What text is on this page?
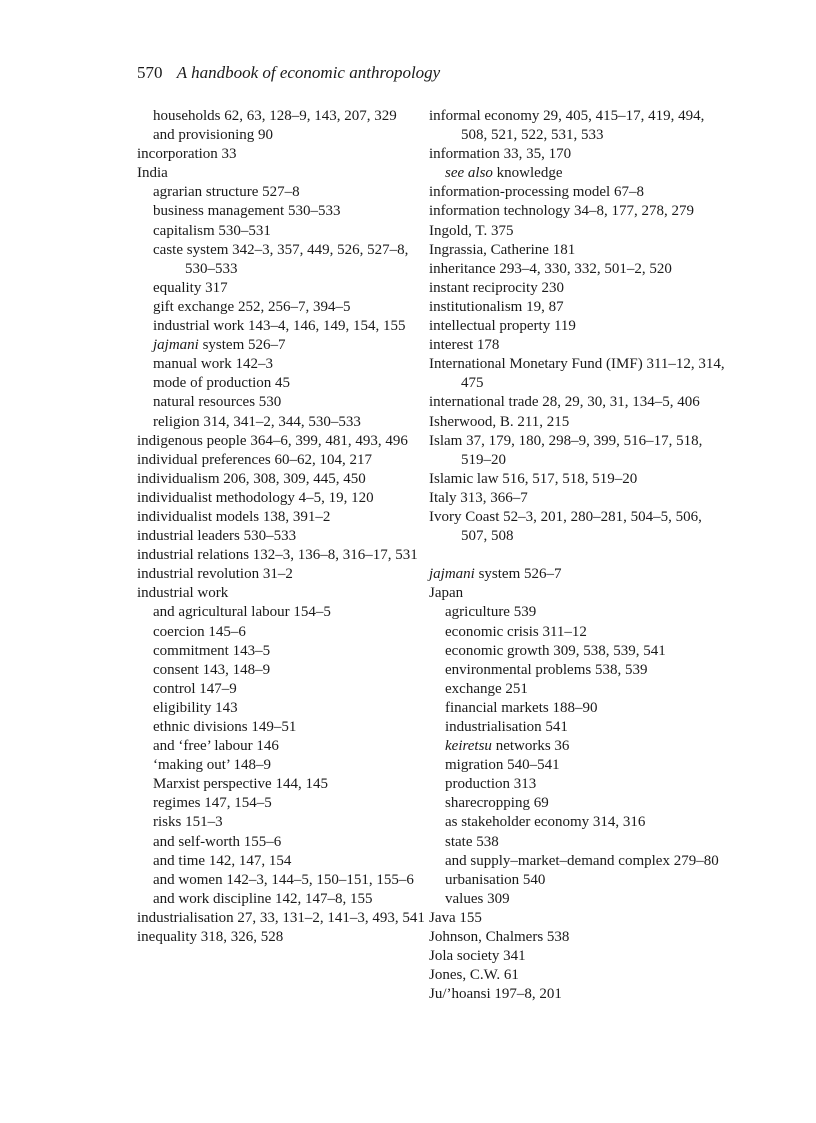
570 A handbook of economic anthropology
households 62, 63, 128–9, 143, 207, 329
and provisioning 90
incorporation 33
India
agrarian structure 527–8
business management 530–533
capitalism 530–531
caste system 342–3, 357, 449, 526, 527–8, 530–533
equality 317
gift exchange 252, 256–7, 394–5
industrial work 143–4, 146, 149, 154, 155
jajmani system 526–7
manual work 142–3
mode of production 45
natural resources 530
religion 314, 341–2, 344, 530–533
indigenous people 364–6, 399, 481, 493, 496
individual preferences 60–62, 104, 217
individualism 206, 308, 309, 445, 450
individualist methodology 4–5, 19, 120
individualist models 138, 391–2
industrial leaders 530–533
industrial relations 132–3, 136–8, 316–17, 531
industrial revolution 31–2
industrial work
and agricultural labour 154–5
coercion 145–6
commitment 143–5
consent 143, 148–9
control 147–9
eligibility 143
ethnic divisions 149–51
and ‘free’ labour 146
‘making out’ 148–9
Marxist perspective 144, 145
regimes 147, 154–5
risks 151–3
and self-worth 155–6
and time 142, 147, 154
and women 142–3, 144–5, 150–151, 155–6
and work discipline 142, 147–8, 155
industrialisation 27, 33, 131–2, 141–3, 493, 541
inequality 318, 326, 528
informal economy 29, 405, 415–17, 419, 494, 508, 521, 522, 531, 533
information 33, 35, 170
see also knowledge
information-processing model 67–8
information technology 34–8, 177, 278, 279
Ingold, T. 375
Ingrassia, Catherine 181
inheritance 293–4, 330, 332, 501–2, 520
instant reciprocity 230
institutionalism 19, 87
intellectual property 119
interest 178
International Monetary Fund (IMF) 311–12, 314, 475
international trade 28, 29, 30, 31, 134–5, 406
Isherwood, B. 211, 215
Islam 37, 179, 180, 298–9, 399, 516–17, 518, 519–20
Islamic law 516, 517, 518, 519–20
Italy 313, 366–7
Ivory Coast 52–3, 201, 280–281, 504–5, 506, 507, 508
jajmani system 526–7
Japan
agriculture 539
economic crisis 311–12
economic growth 309, 538, 539, 541
environmental problems 538, 539
exchange 251
financial markets 188–90
industrialisation 541
keiretsu networks 36
migration 540–541
production 313
sharecropping 69
as stakeholder economy 314, 316
state 538
and supply–market–demand complex 279–80
urbanisation 540
values 309
Java 155
Johnson, Chalmers 538
Jola society 341
Jones, C.W. 61
Ju/’hoansi 197–8, 201
